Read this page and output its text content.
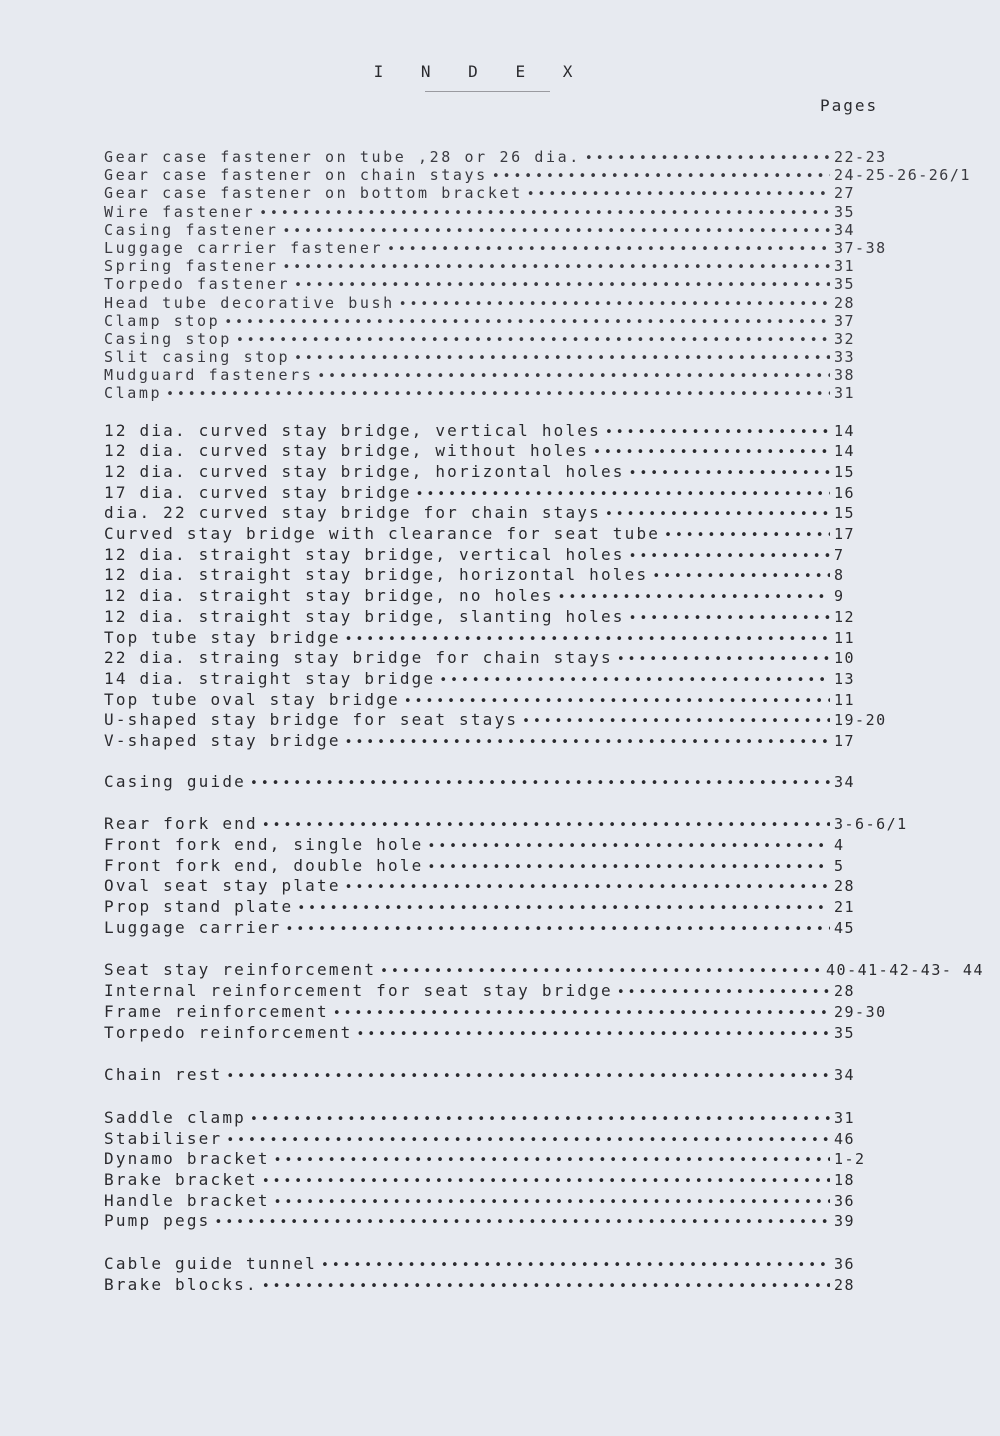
I N D E X
Pages
Gear case fastener on tube ,28 or 26 dia. •••••	22-23
Gear case fastener on chain stays •••••	24-25-26-26/1
Gear case fastener on bottom bracket •••••	27
Wire fastener •••••	35
Casing fastener •••••	34
Luggage carrier fastener •••••	37-38
Spring fastener •••••	31
Torpedo fastener •••••	35
Head tube decorative bush •••••	28
Clamp stop •••••	37
Casing stop •••••	32
Slit casing stop •••••	33
Mudguard fasteners •••••	38
Clamp •••••	31
12 dia. curved stay bridge, vertical holes •••••	14
12 dia. curved stay bridge, without holes •••••	14
12 dia. curved stay bridge, horizontal holes •••••	15
17 dia. curved stay bridge •••••	16
dia. 22 curved stay bridge for chain stays •••••	15
Curved stay bridge with clearance for seat tube •••••	17
12 dia. straight stay bridge, vertical holes •••••	7
12 dia. straight stay bridge, horizontal holes •••••	8
12 dia. straight stay bridge, no holes •••••	9
12 dia. straight stay bridge, slanting holes •••••	12
Top tube stay bridge •••••	11
22 dia. straing stay bridge for chain stays •••••	10
14 dia. straight stay bridge •••••	13
Top tube oval stay bridge •••••	11
U-shaped stay bridge for seat stays •••••	19-20
V-shaped stay bridge •••••	17
Casing guide •••••	34
Rear fork end •••••	3-6-6/1
Front fork end, single hole •••••	4
Front fork end, double hole •••••	5
Oval seat stay plate •••••	28
Prop stand plate •••••	21
Luggage carrier •••••	45
Seat stay reinforcement •••••	40-41-42-43- 44
Internal reinforcement for seat stay bridge •••••	28
Frame reinforcement •••••	29-30
Torpedo reinforcement •••••	35
Chain rest •••••	34
Saddle clamp •••••	31
Stabiliser •••••	46
Dynamo bracket •••••	1-2
Brake bracket •••••	18
Handle bracket •••••	36
Pump pegs •••••	39
Cable guide tunnel •••••	36
Brake blocks. •••••	28
